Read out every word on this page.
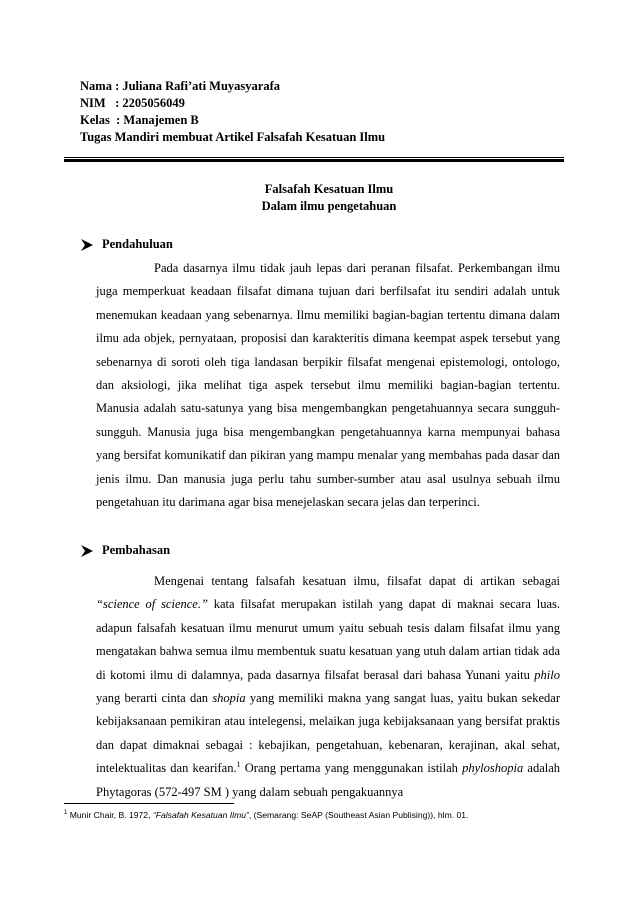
Nama : Juliana Rafi’ati Muyasyarafa
NIM   : 2205056049
Kelas  : Manajemen B
Tugas Mandiri membuat Artikel Falsafah Kesatuan Ilmu
Falsafah Kesatuan Ilmu
Dalam ilmu pengetahuan
Pendahuluan
Pada dasarnya ilmu tidak jauh lepas dari peranan filsafat. Perkembangan ilmu juga memperkuat keadaan filsafat dimana tujuan dari berfilsafat itu sendiri adalah untuk menemukan keadaan yang sebenarnya. Ilmu memiliki bagian-bagian tertentu dimana dalam ilmu ada objek, pernyataan, proposisi dan karakteritis dimana keempat aspek tersebut yang sebenarnya di soroti oleh tiga landasan berpikir filsafat mengenai epistemologi, ontologo, dan aksiologi, jika melihat tiga aspek tersebut ilmu memiliki bagian-bagian tertentu. Manusia adalah satu-satunya yang bisa mengembangkan pengetahuannya secara sungguh-sungguh. Manusia juga bisa mengembangkan pengetahuannya karna mempunyai bahasa yang bersifat komunikatif dan pikiran yang mampu menalar yang membahas pada dasar dan jenis ilmu. Dan manusia juga perlu tahu sumber-sumber atau asal usulnya sebuah ilmu pengetahuan itu darimana agar bisa menejelaskan secara jelas dan terperinci.
Pembahasan
Mengenai tentang falsafah kesatuan ilmu, filsafat dapat di artikan sebagai “science of science.” kata filsafat merupakan istilah yang dapat di maknai secara luas. adapun falsafah kesatuan ilmu menurut umum yaitu sebuah tesis dalam filsafat ilmu yang mengatakan bahwa semua ilmu membentuk suatu kesatuan yang utuh dalam artian tidak ada di kotomi ilmu di dalamnya, pada dasarnya filsafat berasal dari bahasa Yunani yaitu philo yang berarti cinta dan shopia yang memiliki makna yang sangat luas, yaitu bukan sekedar kebijaksanaan pemikiran atau intelegensi, melaikan juga kebijaksanaan yang bersifat praktis dan dapat dimaknai sebagai : kebajikan, pengetahuan, kebenaran, kerajinan, akal sehat, intelektualitas dan kearifan.$^1$ Orang pertama yang menggunakan istilah phyloshopia adalah Phytagoras (572-497 SM ) yang dalam sebuah pengakuannya
$^1$ Munir Chair, B. 1972, “Falsafah Kesatuan Ilmu”, (Semarang: SeAP (Southeast Asian Publising)), hlm. 01.
